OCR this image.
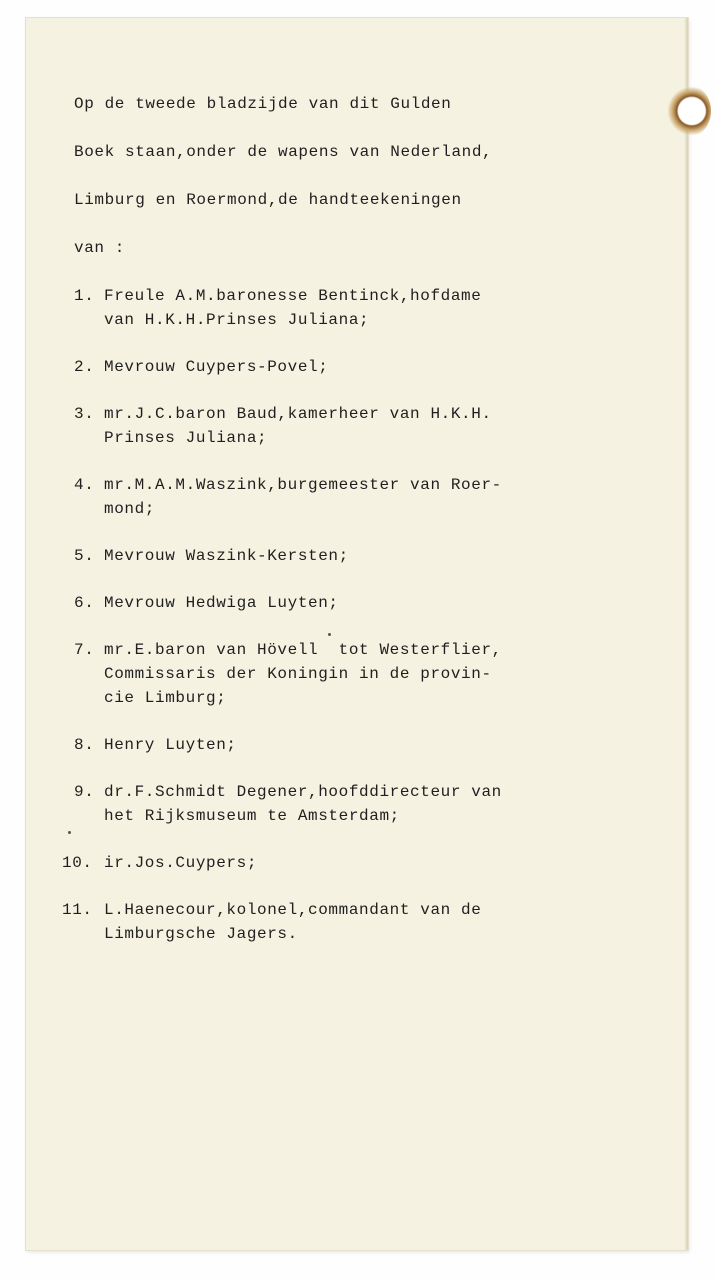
Op de tweede bladzijde van dit Gulden
Boek staan,onder de wapens van Nederland,
Limburg en Roermond,de handteekeningen
van :
1. Freule A.M.baronesse Bentinck,hofdame
van H.K.H.Prinses Juliana;
2. Mevrouw Cuypers-Povel;
3. mr.J.C.baron Baud,kamerheer van H.K.H.
Prinses Juliana;
4. mr.M.A.M.Waszink,burgemeester van Roer-
mond;
5. Mevrouw Waszink-Kersten;
6. Mevrouw Hedwiga Luyten;
7. mr.E.baron van Hövell  tot Westerflier,
Commissaris der Koningin in de provin-
cie Limburg;
8. Henry Luyten;
9. dr.F.Schmidt Degener,hoofddirecteur van
het Rijksmuseum te Amsterdam;
10. ir.Jos.Cuypers;
11. L.Haenecour,kolonel,commandant van de
Limburgsche Jagers.
